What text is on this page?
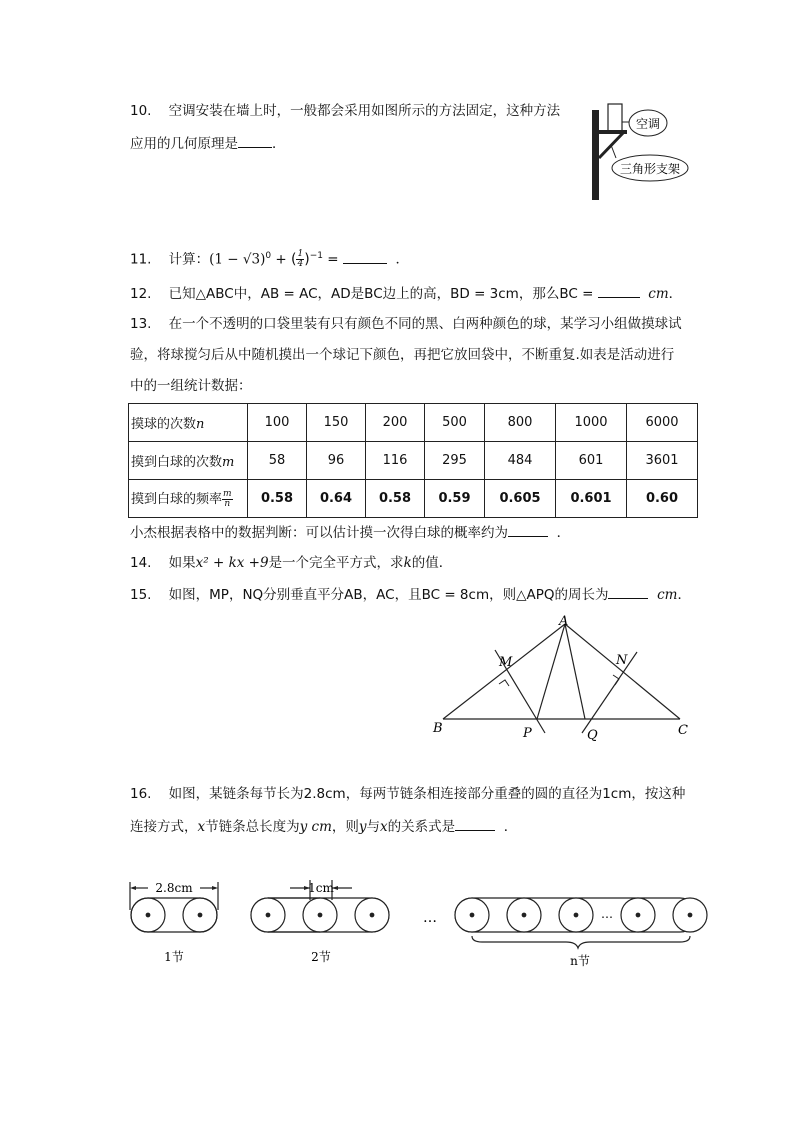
10. 空调安装在墙上时，一般都会采用如图所示的方法固定，这种方法
应用的几何原理是	．
空调
三角形支架
11. 计算：$(1 - √3)^0$ + ( $\frac{1}{4} )^{-1}$ =	．
12. 已知△ABC中，AB = AC，AD是BC边上的高，BD = 3cm，那么BC =	cm．
13. 在一个不透明的口袋里装有只有颜色不同的黑、白两种颜色的球，某学习小组做摸球试
验，将球搅匀后从中随机摸出一个球记下颜色，再把它放回袋中，不断重复.如表是活动进行
中的一组统计数据：
摸球的次数n	100	150	200	500	800	1000	6000
摸到白球的次数m	58	96	116	295	484	601	3601
摸到白球的频率 $\frac{m}{n}$	0.58	0.64	0.58	0.59	0.605	0.601	0.60
小杰根据表格中的数据判断：可以估计摸一次得白球的概率约为	．
14. 如果x² + kx +9是一个完全平方式，求k的值．
15. 如图，MP，NQ分别垂直平分AB，AC，且BC = 8cm，则△APQ的周长为	cm．
A
B	C
M	N
P	Q
16. 如图，某链条每节长为2.8cm，每两节链条相连接部分重叠的圆的直径为1cm，按这种
连接方式，x节链条总长度为y cm，则y与x的关系式是	．
2.8cm
1节
1cm
2节
…	…
n节
